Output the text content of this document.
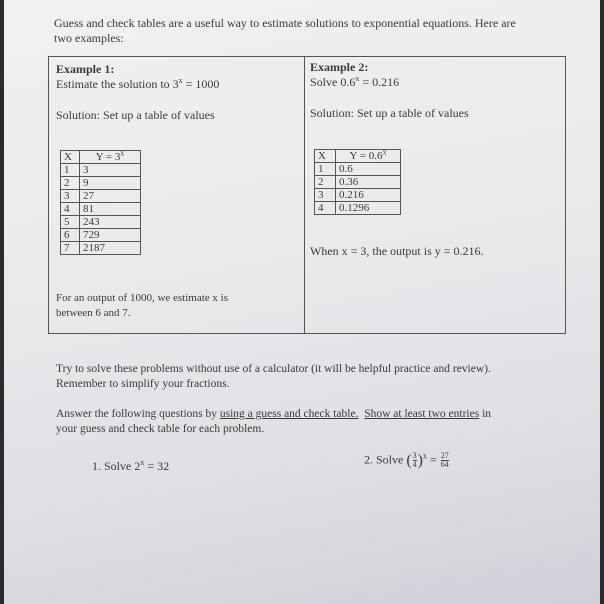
Guess and check tables are a useful way to estimate solutions to exponential equations. Here are
two examples:
Example 1:
Estimate the solution to $3^x = 1000$
Solution: Set up a table of values
X	$Y = 3^x$
1	3
2	9
3	27
4	81
5	243
6	729
7	2187
For an output of 1000, we estimate x is
between 6 and 7.
Example 2:
Solve $0.6^x = 0.216$
Solution: Set up a table of values
X	$Y = 0.6^x$
1	0.6
2	0.36
3	0.216
4	0.1296
When x = 3, the output is y = 0.216.
Try to solve these problems without use of a calculator (it will be helpful practice and review).
Remember to simplify your fractions.
Answer the following questions by using a guess and check table. Show at least two entries in
your guess and check table for each problem.
1. Solve $2^x = 32$	2. Solve ( $\frac{3}{4} )^x = \frac{27}{64}$
